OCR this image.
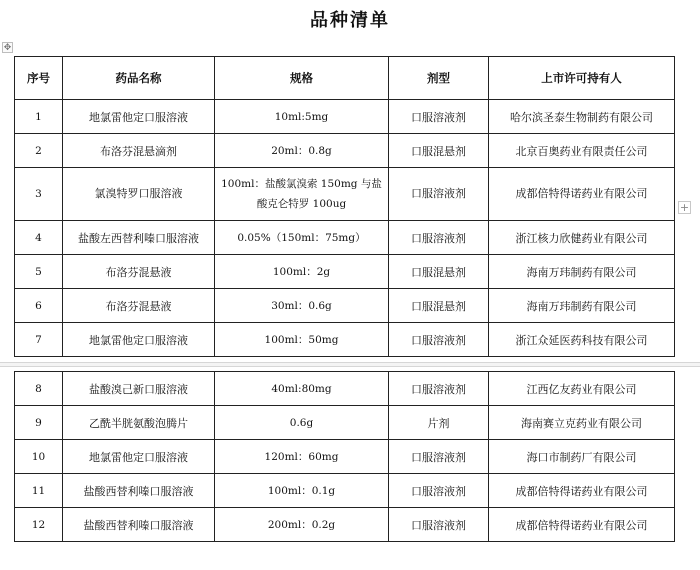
品种清单
✥
+
序号	药品名称	规格	剂型	上市许可持有人
1	地氯雷他定口服溶液	10ml:5mg	口服溶液剂	哈尔滨圣泰生物制药有限公司
2	布洛芬混悬滴剂	20ml：0.8g	口服混悬剂	北京百奥药业有限责任公司
3	氯溴特罗口服溶液	100ml：盐酸氯溴索 150mg 与盐酸克仑特罗 100ug	口服溶液剂	成都倍特得诺药业有限公司
4	盐酸左西替利嗪口服溶液	0.05%（150ml：75mg）	口服溶液剂	浙江核力欣健药业有限公司
5	布洛芬混悬液	100ml：2g	口服混悬剂	海南万玮制药有限公司
6	布洛芬混悬液	30ml：0.6g	口服混悬剂	海南万玮制药有限公司
7	地氯雷他定口服溶液	100ml：50mg	口服溶液剂	浙江众延医药科技有限公司
8	盐酸溴己新口服溶液	40ml:80mg	口服溶液剂	江西亿友药业有限公司
9	乙酰半胱氨酸泡腾片	0.6g	片剂	海南赛立克药业有限公司
10	地氯雷他定口服溶液	120ml：60mg	口服溶液剂	海口市制药厂有限公司
11	盐酸西替利嗪口服溶液	100ml：0.1g	口服溶液剂	成都倍特得诺药业有限公司
12	盐酸西替利嗪口服溶液	200ml：0.2g	口服溶液剂	成都倍特得诺药业有限公司
